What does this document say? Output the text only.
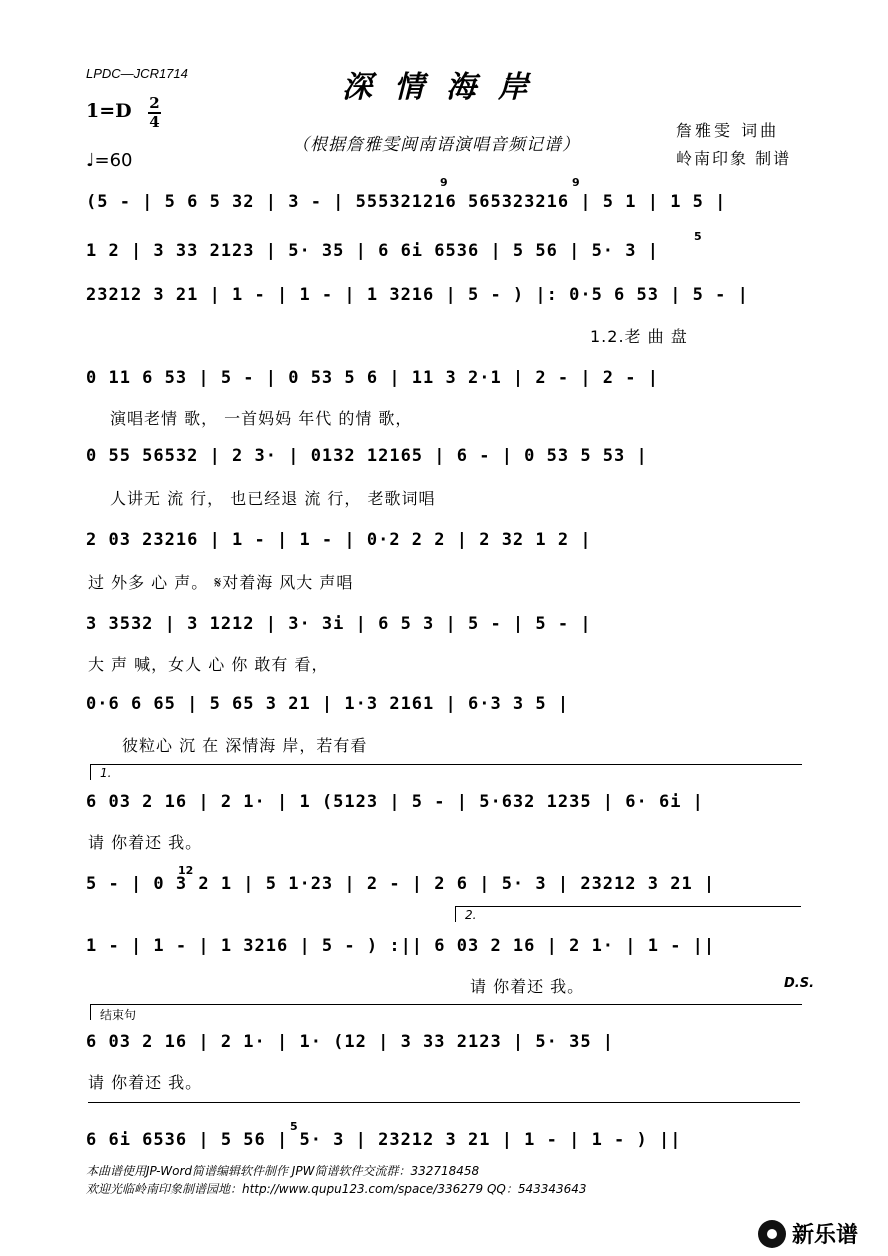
LPDC—JCR1714	深情海岸
1=D 2
4
（根据詹雅雯闽南语演唱音频记谱）
♩=60
詹雅雯 词曲
岭南印象 制谱
(5 - | 5 6 5 32 | 3 - | 555321216 565323216 | 5 1 | 1 5 |
1 2 | 3 33 2123 | 5· 35 | 6 6i 6536 | 5 56 | 5· 3 |
23212 3 21 | 1 - | 1 - | 1 3216 | 5 - ) |: 0·5 6 53 | 5 - |
1.2.老 曲 盘
0 11 6 53 | 5 - | 0 53 5 6 | 11 3 2·1 | 2 - | 2 - |
演唱老情 歌， 一首妈妈 年代 的情 歌，
0 55 56532 | 2 3· | 0132 12165 | 6 - | 0 53 5 53 |
人讲无 流 行， 也已经退 流 行， 老歌词唱
2 03 23216 | 1 - | 1 - | 0·2 2 2 | 2 32 1 2 |
过 外多 心 声。 𝄋对着海 风大 声唱
3 3532 | 3 1212 | 3· 3i | 6 5 3 | 5 - | 5 - |
大 声 喊，女人 心 你 敢有 看，
0·6 6 65 | 5 65 3 21 | 1·3 2161 | 6·3 3 5 |
彼粒心 沉 在 深情海 岸，若有看
1.
6 03 2 16 | 2 1· | 1 (5123 | 5 - | 5·632 1235 | 6· 6i |
请 你着还 我。
5 - | 0 3 2 1 | 5 1·23 | 2 - | 2 6 | 5· 3 | 23212 3 21 |
2.
1 - | 1 - | 1 3216 | 5 - ) :|| 6 03 2 16 | 2 1· | 1 - ||
请 你着还 我。	D.S.
结束句
6 03 2 16 | 2 1· | 1· (12 | 3 33 2123 | 5· 35 |
请 你着还 我。
6 6i 6536 | 5 56 | 5· 3 | 23212 3 21 | 1 - | 1 - ) ||
9	9
5
12
5
本曲谱使用JP-Word简谱编辑软件制作 JPW简谱软件交流群：332718458
欢迎光临岭南印象制谱园地：http://www.qupu123.com/space/336279 QQ：543343643
新乐谱
